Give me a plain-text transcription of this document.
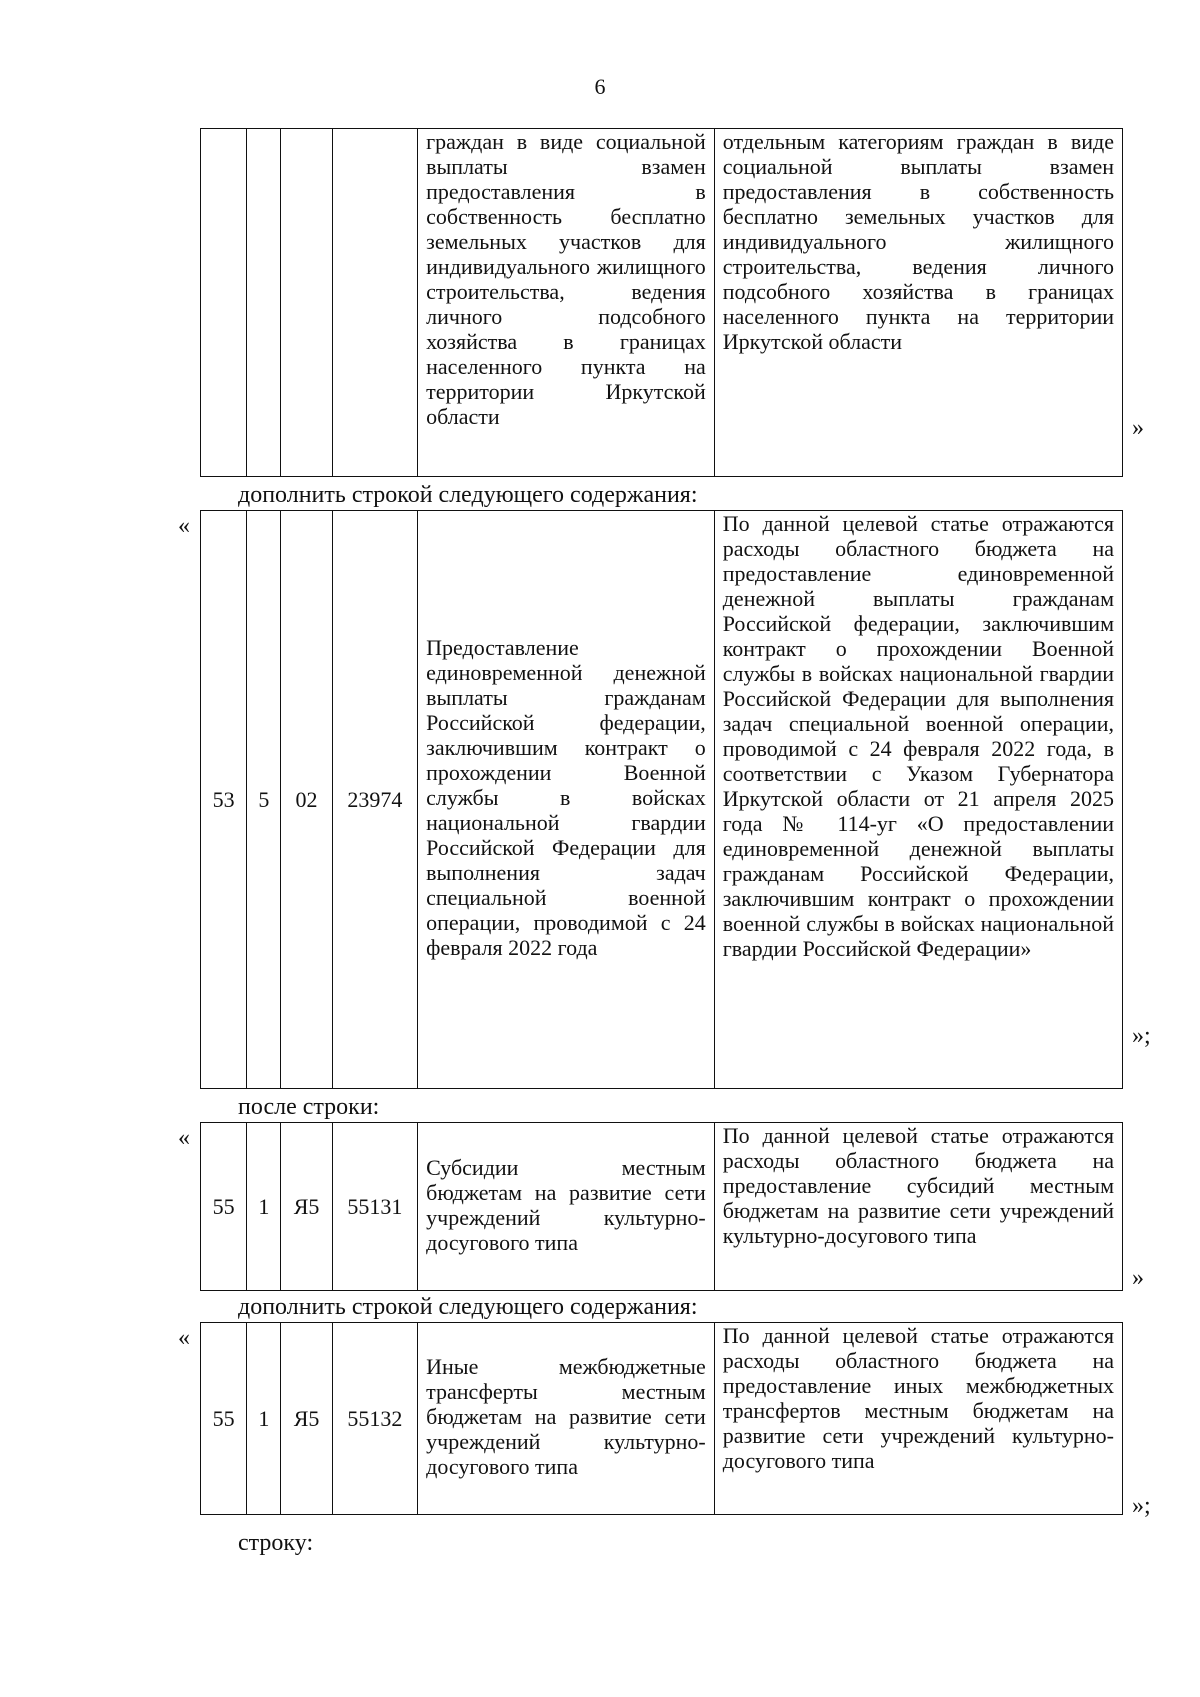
6
				граждан в виде социальной выплаты взамен предоставления в собственность бесплатно земельных участков для индивидуального жилищного строительства, ведения личного подсобного хозяйства в границах населенного пункта на территории Иркутской области	отдельным категориям граждан в виде социальной выплаты взамен предоставления в собственность бесплатно земельных участков для индивидуального жилищного строительства, ведения личного подсобного хозяйства в границах населенного пункта на территории Иркутской области
»
дополнить строкой следующего содержания:
«
53	5	02	23974	Предоставление единовременной денежной выплаты гражданам Российской федерации, заключившим контракт о прохождении Военной службы в войсках национальной гвардии Российской Федерации для выполнения задач специальной военной операции, проводимой с 24 февраля 2022 года	По данной целевой статье отражаются расходы областного бюджета на предоставление единовременной денежной выплаты гражданам Российской федерации, заключившим контракт о прохождении Военной службы в войсках национальной гвардии Российской Федерации для выполнения задач специальной военной операции, проводимой с 24 февраля 2022 года, в соответствии с Указом Губернатора Иркутской области от 21 апреля 2025 года № 114-уг «О предоставлении единовременной денежной выплаты гражданам Российской Федерации, заключившим контракт о прохождении военной службы в войсках национальной гвардии Российской Федерации»
»;
после строки:
«
55	1	Я5	55131	Субсидии местным бюджетам на развитие сети учреждений культурно-досугового типа	По данной целевой статье отражаются расходы областного бюджета на предоставление субсидий местным бюджетам на развитие сети учреждений культурно-досугового типа
»
дополнить строкой следующего содержания:
«
55	1	Я5	55132	Иные межбюджетные трансферты местным бюджетам на развитие сети учреждений культурно-досугового типа	По данной целевой статье отражаются расходы областного бюджета на предоставление иных межбюджетных трансфертов местным бюджетам на развитие сети учреждений культурно-досугового типа
»;
строку:
